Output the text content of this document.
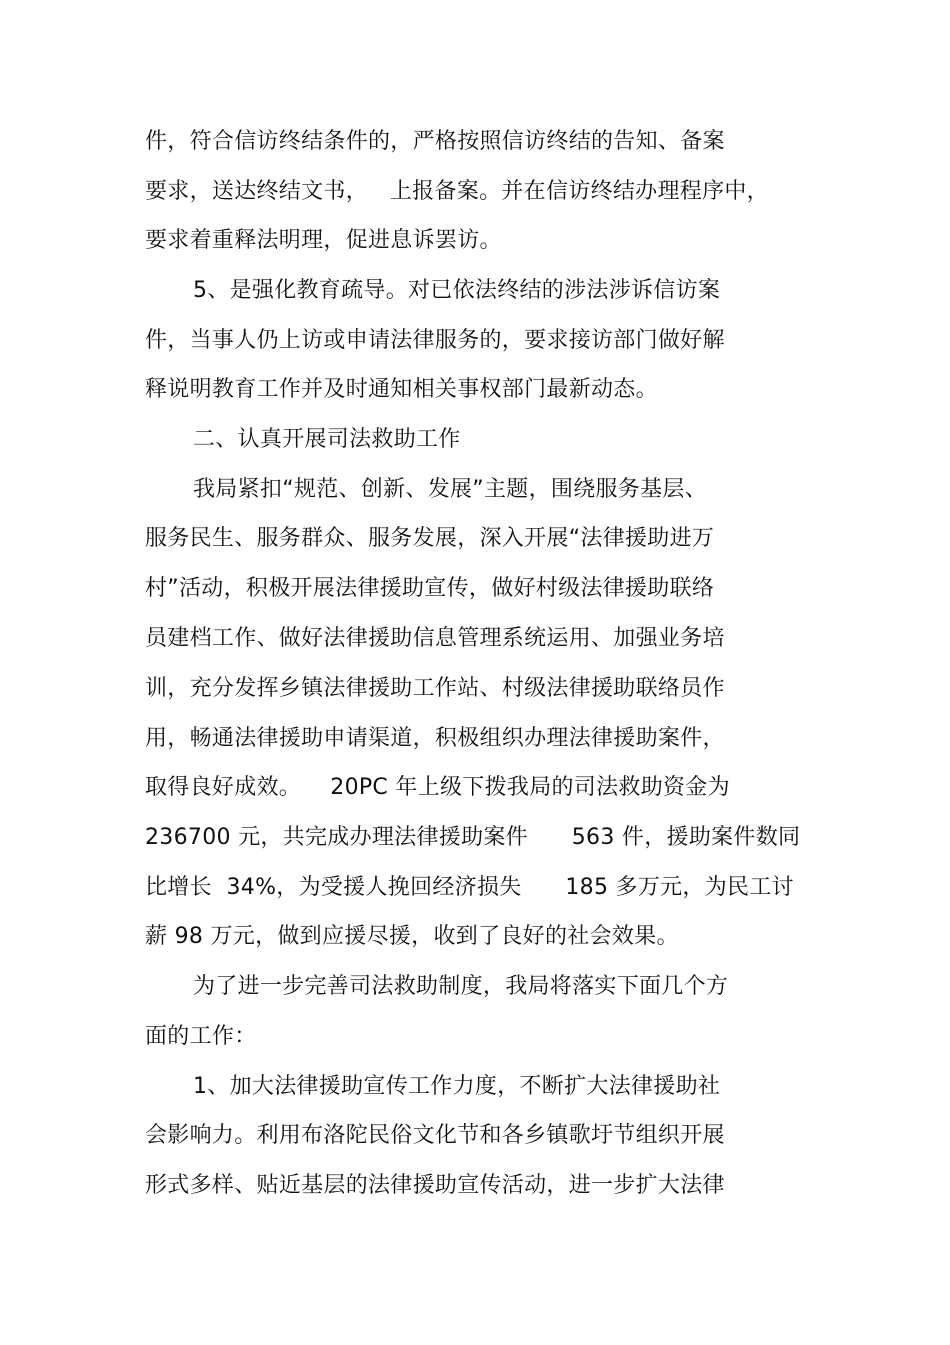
件，符合信访终结条件的，严格按照信访终结的告知、备案
要求，送达终结文书，   上报备案。并在信访终结办理程序中，
要求着重释法明理，促进息诉罢访。
5、是强化教育疏导。对已依法终结的涉法涉诉信访案
件，当事人仍上访或申请法律服务的，要求接访部门做好解
释说明教育工作并及时通知相关事权部门最新动态。
二、认真开展司法救助工作
我局紧扣“规范、创新、发展”主题，围绕服务基层、
服务民生、服务群众、服务发展，深入开展“法律援助进万
村”活动，积极开展法律援助宣传，做好村级法律援助联络
员建档工作、做好法律援助信息管理系统运用、加强业务培
训，充分发挥乡镇法律援助工作站、村级法律援助联络员作
用，畅通法律援助申请渠道，积极组织办理法律援助案件，
取得良好成效。    20PC 年上级下拨我局的司法救助资金为
236700 元，共完成办理法律援助案件      563 件，援助案件数同
比增长  34%，为受援人挽回经济损失      185 多万元，为民工讨
薪 98 万元，做到应援尽援，收到了良好的社会效果。
为了进一步完善司法救助制度，我局将落实下面几个方
面的工作：
1、加大法律援助宣传工作力度，不断扩大法律援助社
会影响力。利用布洛陀民俗文化节和各乡镇歌圩节组织开展
形式多样、贴近基层的法律援助宣传活动，进一步扩大法律
